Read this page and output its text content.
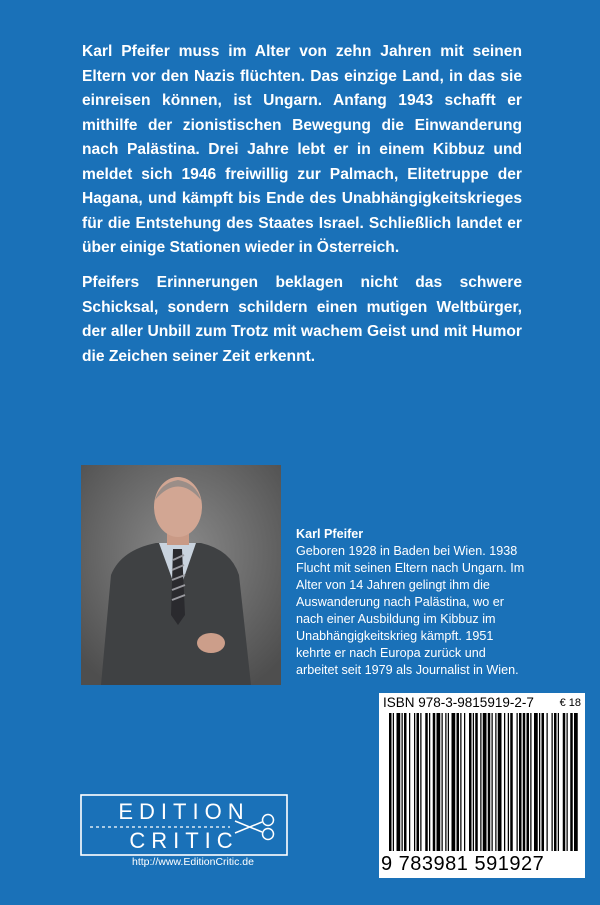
Karl Pfeifer muss im Alter von zehn Jahren mit seinen Eltern vor den Nazis flüchten. Das einzige Land, in das sie einreisen können, ist Ungarn. Anfang 1943 schafft er mithilfe der zionistischen Bewegung die Einwanderung nach Palästina. Drei Jahre lebt er in einem Kibbuz und meldet sich 1946 freiwillig zur Palmach, Elitetruppe der Hagana, und kämpft bis Ende des Unabhängigkeitskrieges für die Entstehung des Staates Israel. Schließlich landet er über einige Stationen wieder in Österreich.

Pfeifers Erinnerungen beklagen nicht das schwere Schicksal, sondern schildern einen mutigen Weltbürger, der aller Unbill zum Trotz mit wachem Geist und mit Humor die Zeichen seiner Zeit erkennt.

Karl Pfeifer
Geboren 1928 in Baden bei Wien. 1938 Flucht mit seinen Eltern nach Ungarn. Im Alter von 14 Jahren gelingt ihm die Auswanderung nach Palästina, wo er nach einer Ausbildung im Kibbuz im Unabhängigkeitskrieg kämpft. 1951 kehrte er nach Europa zurück und arbeitet seit 1979 als Journalist in Wien.
ISBN 978-3-9815919-2-7 € 18
9 783981 591927
EDITION
CRITIC
http://www.EditionCritic.de
